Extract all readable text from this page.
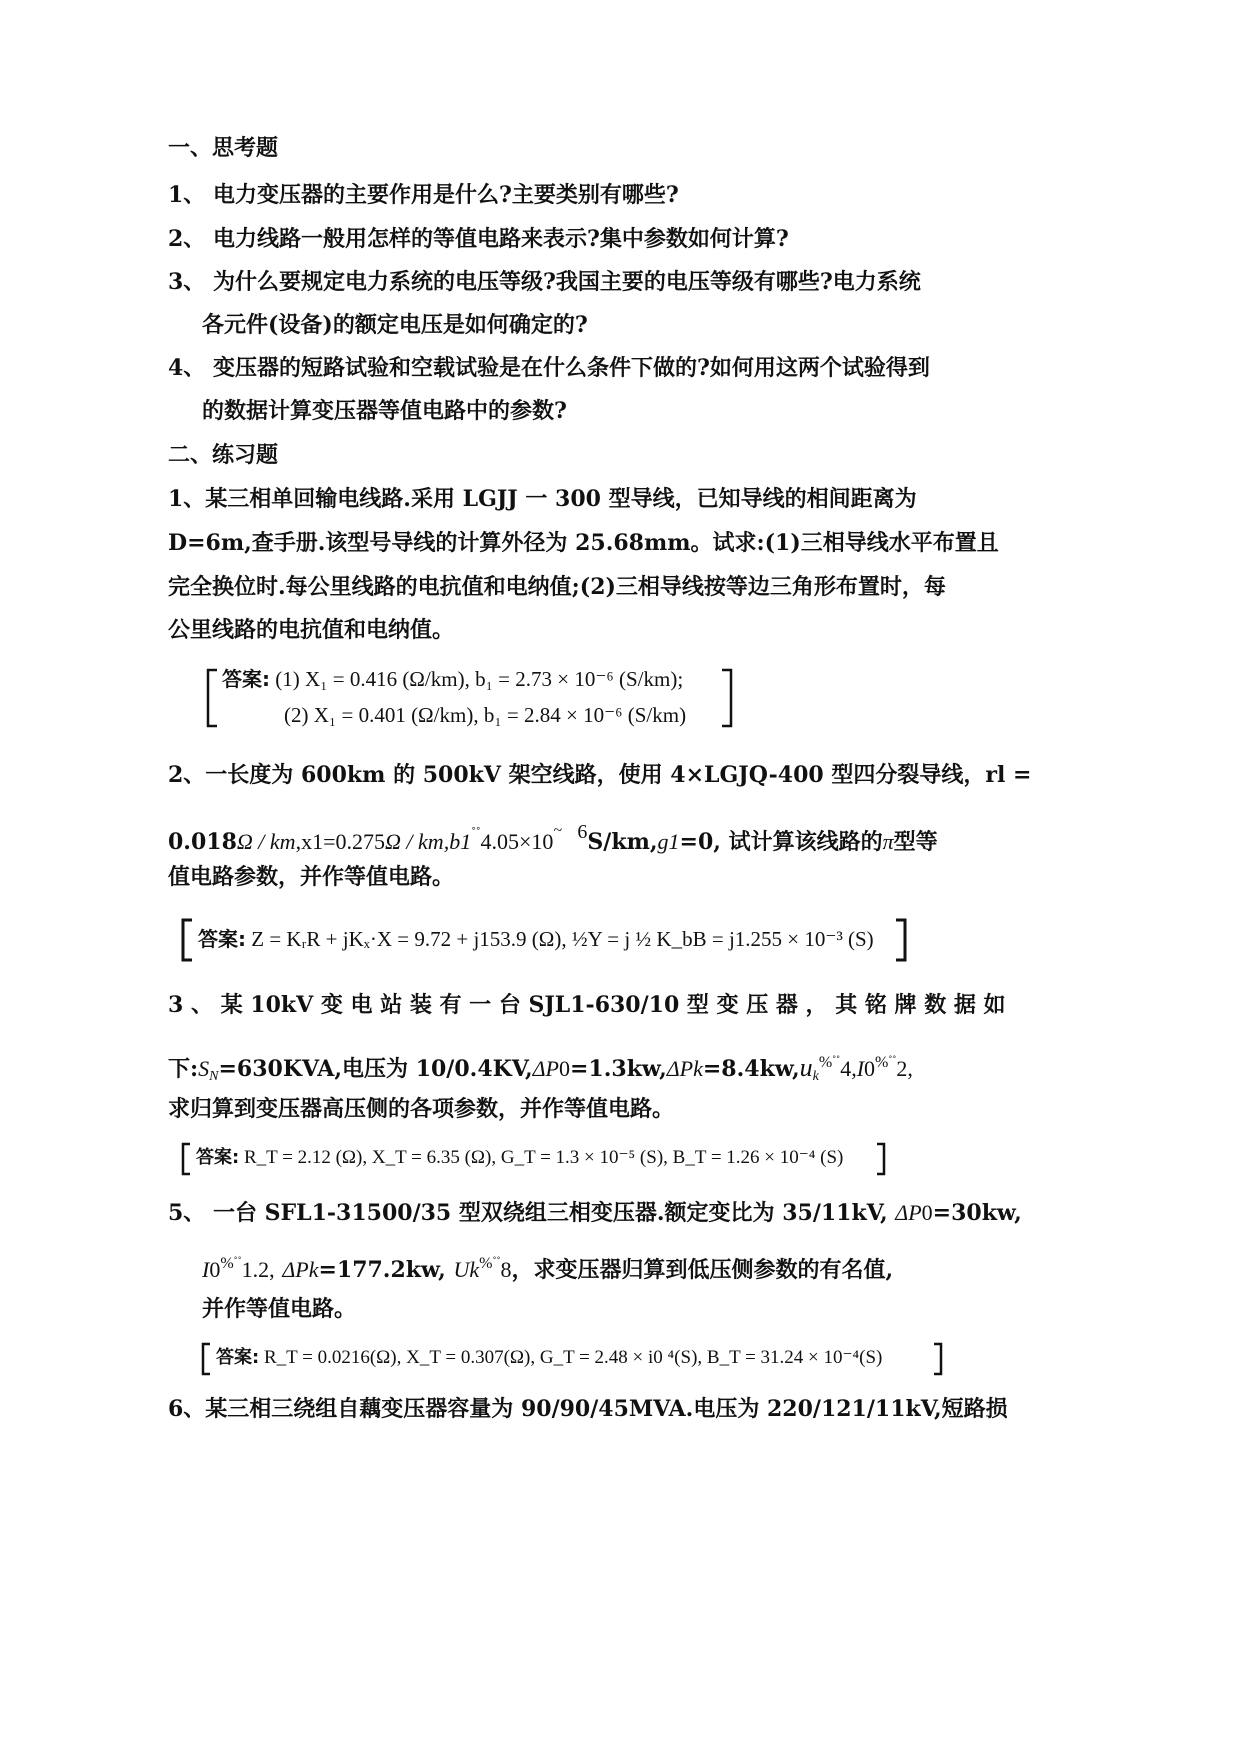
一、思考题
1、 电力变压器的主要作用是什么?主要类别有哪些?
2、 电力线路一般用怎样的等值电路来表示?集中参数如何计算?
3、 为什么要规定电力系统的电压等级?我国主要的电压等级有哪些?电力系统
各元件(设备)的额定电压是如何确定的?
4、 变压器的短路试验和空载试验是在什么条件下做的?如何用这两个试验得到
的数据计算变压器等值电路中的参数?
二、练习题
1、某三相单回输电线路.采用 LGJJ 一 300 型导线，已知导线的相间距离为
D=6m,查手册.该型号导线的计算外径为 25.68mm。试求:(1)三相导线水平布置且
完全换位时.每公里线路的电抗值和电纳值;(2)三相导线按等边三角形布置时，每
公里线路的电抗值和电纳值。
答案: (1) X₁ = 0.416 (Ω/km), b₁ = 2.73 × 10⁻⁶ (S/km);
(2) X₁ = 0.401 (Ω/km), b₁ = 2.84 × 10⁻⁶ (S/km)
2、一长度为 600km 的 500kV 架空线路，使用 4×LGJQ-400 型四分裂导线，rl =
0.018Ω / km,x1=0.275Ω / km,b1˚˚4.05×10~ 6S/km,g1=0, 试计算该线路的π型等
值电路参数，并作等值电路。
答案: Z = KᵣR + jKₓ·X = 9.72 + j153.9 (Ω), ½Y = j ½ K_bB = j1.255 × 10⁻³ (S)
3 、 某 10kV 变 电 站 装 有 一 台 SJL1-630/10 型 变 压 器 ， 其 铭 牌 数 据 如
下$:S_N=630KVA$,电压为 $10/0.4KV,\Delta P0=1.3kw,\Delta Pk=8.4kw,u_k^{\%˚˚}4,I0^{\%˚˚}2$,
求归算到变压器高压侧的各项参数，并作等值电路。
答案: R_T = 2.12 (Ω), X_T = 6.35 (Ω), G_T = 1.3 × 10⁻⁵ (S), B_T = 1.26 × 10⁻⁴ (S)
5、 一台 SFL1-31500/35 型双绕组三相变压器.额定变比为 35/11kV, ΔP0=30kw,
I0%˚˚1.2, ΔPk=177.2kw, Uk%˚˚8，求变压器归算到低压侧参数的有名值,
并作等值电路。
答案: R_T = 0.0216(Ω), X_T = 0.307(Ω), G_T = 2.48 × i0 ⁴(S), B_T = 31.24 × 10⁻⁴(S)
6、某三相三绕组自藕变压器容量为 90/90/45MVA.电压为 220/121/11kV,短路损
